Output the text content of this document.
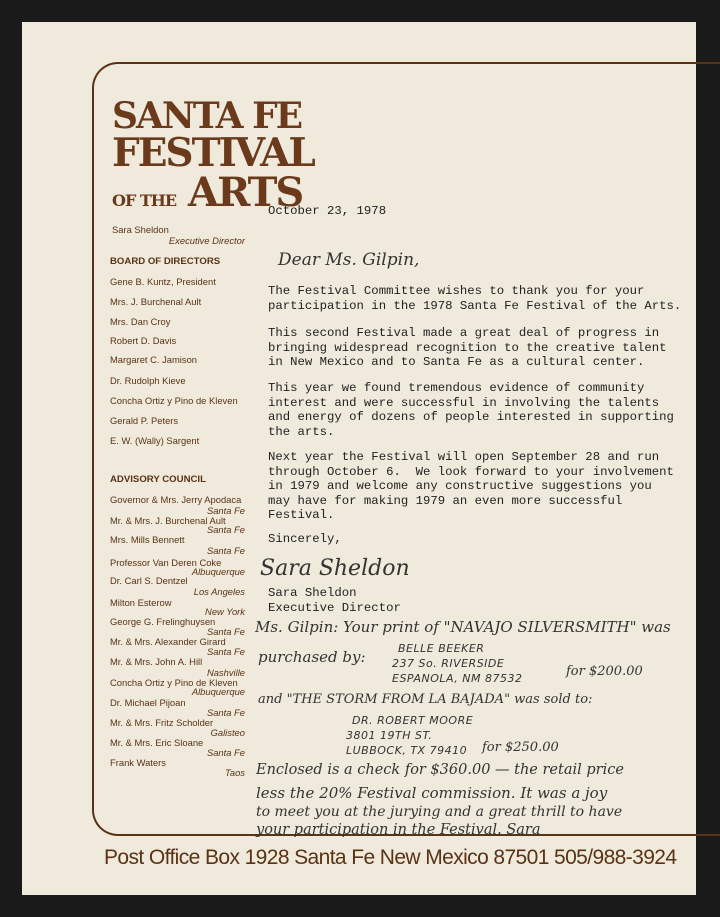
SANTA FE
FESTIVAL
OF THE ARTS
Sara Sheldon
Executive Director
BOARD OF DIRECTORS
Gene B. Kuntz, President
Mrs. J. Burchenal Ault
Mrs. Dan Croy
Robert D. Davis
Margaret C. Jamison
Dr. Rudolph Kieve
Concha Ortiz y Pino de Kleven
Gerald P. Peters
E. W. (Wally) Sargent
ADVISORY COUNCIL
Governor & Mrs. Jerry Apodaca
Santa Fe
Mr. & Mrs. J. Burchenal Ault
Santa Fe
Mrs. Mills Bennett
Santa Fe
Professor Van Deren Coke
Albuquerque
Dr. Carl S. Dentzel
Los Angeles
Milton Esterow
New York
George G. Frelinghuysen
Santa Fe
Mr. & Mrs. Alexander Girard
Santa Fe
Mr. & Mrs. John A. Hill
Nashville
Concha Ortiz y Pino de Kleven
Albuquerque
Dr. Michael Pijoan
Santa Fe
Mr. & Mrs. Fritz Scholder
Galisteo
Mr. & Mrs. Eric Sloane
Santa Fe
Frank Waters
Taos
October 23, 1978
Dear Ms. Gilpin,
The Festival Committee wishes to thank you for your
participation in the 1978 Santa Fe Festival of the Arts.
This second Festival made a great deal of progress in
bringing widespread recognition to the creative talent
in New Mexico and to Santa Fe as a cultural center.
This year we found tremendous evidence of community
interest and were successful in involving the talents
and energy of dozens of people interested in supporting
the arts.
Next year the Festival will open September 28 and run
through October 6.  We look forward to your involvement
in 1979 and welcome any constructive suggestions you
may have for making 1979 an even more successful
Festival.
Sincerely,
Sara Sheldon
Sara Sheldon
Executive Director
Ms. Gilpin: Your print of "NAVAJO SILVERSMITH" was
purchased by:	BELLE BEEKER
237 So. RIVERSIDE
ESPANOLA, NM 87532	for $200.00
and "THE STORM FROM LA BAJADA" was sold to:
DR. ROBERT MOORE
3801 19TH ST.
LUBBOCK, TX 79410 for $250.00
Enclosed is a check for $360.00 — the retail price
less the 20% Festival commission. It was a joy
to meet you at the jurying and a great thrill to have
your participation in the Festival. Sara
Post Office Box 1928 Santa Fe New Mexico 87501 505/988-3924
